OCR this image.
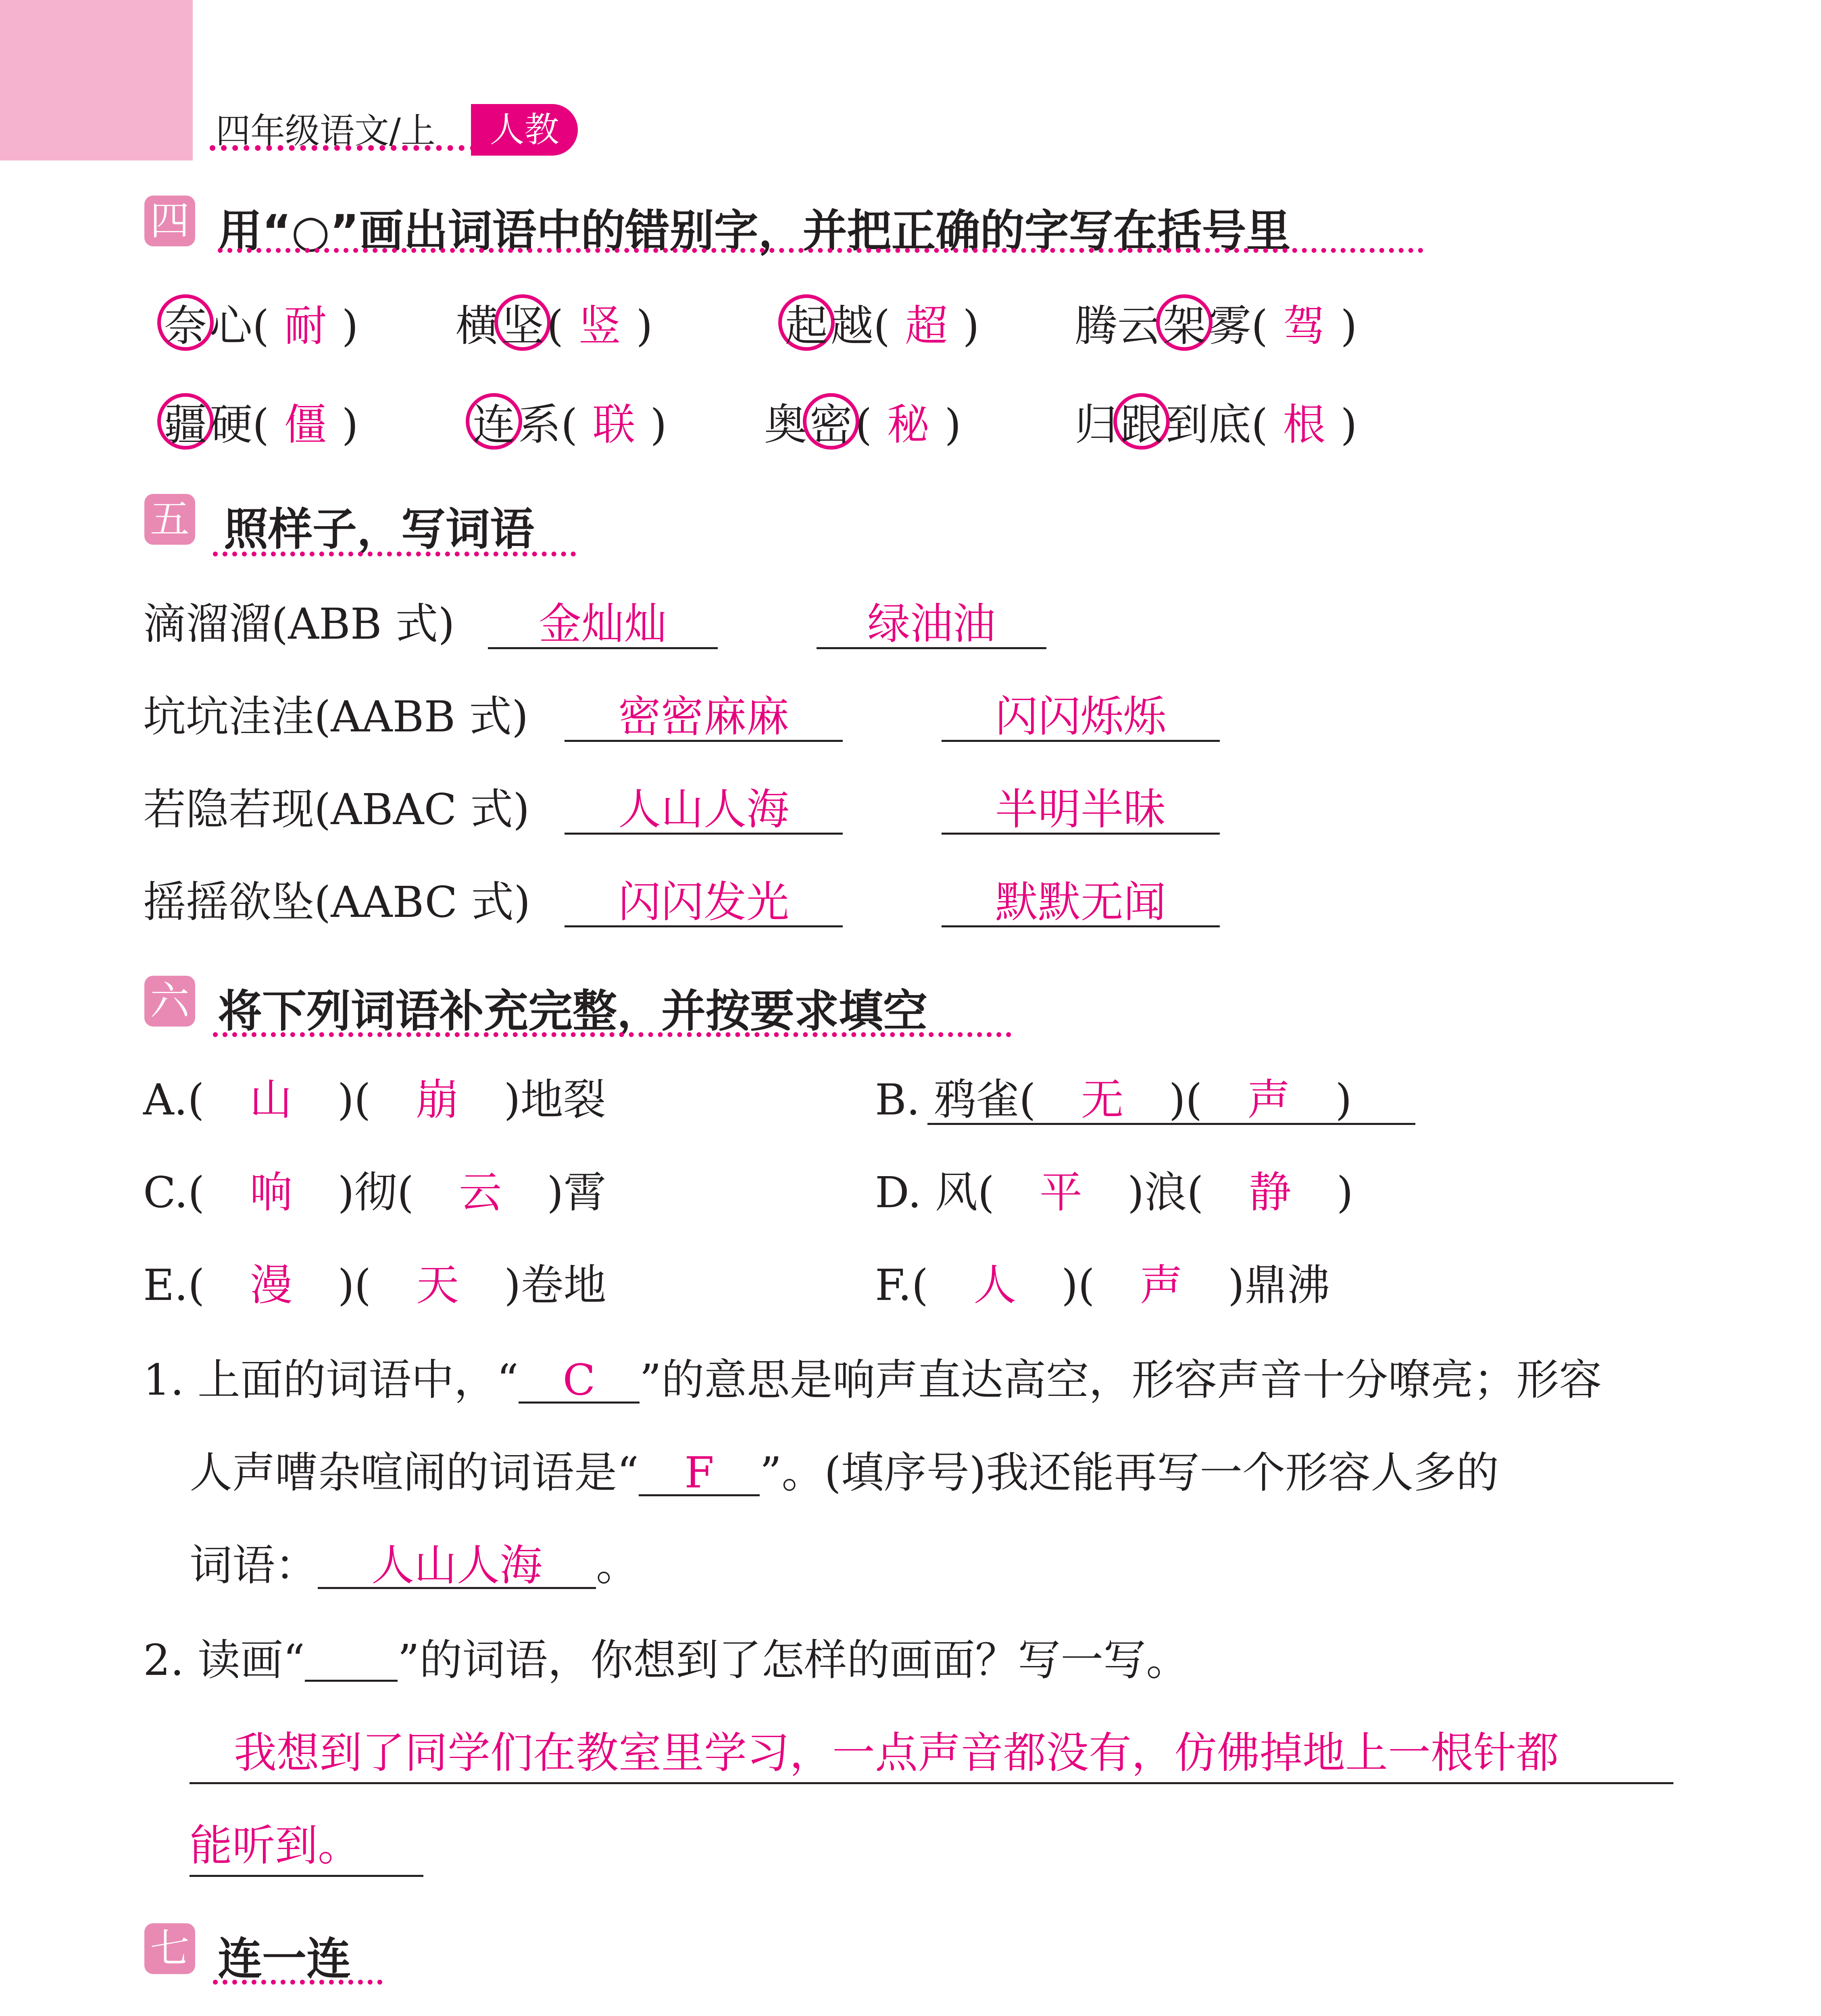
四年级语文/上	人教
四 用“○”画出词语中的错别字，并把正确的字写在括号里
奈心( 耐 ) 横坚( 竖 )	起越( 超 ) 腾云架雾( 驾 )
疆硬( 僵 )	连系( 联 ) 奥密( 秘 )	归跟到底( 根 )
五 照样子，写词语
滴溜溜(ABB 式)	金灿灿	绿油油
坑坑洼洼(AABB 式)	密密麻麻	闪闪烁烁
若隐若现(ABAC 式)	人山人海	半明半昧
摇摇欲坠(AABC 式)	闪闪发光	默默无闻
六 将下列词语补充完整，并按要求填空
A.( 山 )( 崩 )地裂	B. 鸦雀( 无 )( 声 )
C.( 响 )彻( 云 )霄	D. 风( 平 )浪( 静 )
E.( 漫 )( 天 )卷地	F.( 人 )( 声 )鼎沸
1. 上面的词语中，“ C ”的意思是响声直达高空，形容声音十分嘹亮；形容
人声嘈杂喧闹的词语是“ F ”。(填序号)我还能再写一个形容人多的
词语： 人山人海 。
2. 读画“ ”的词语，你想到了怎样的画面？写一写。
我想到了同学们在教室里学习，一点声音都没有，仿佛掉地上一根针都
能听到。
七 连一连
